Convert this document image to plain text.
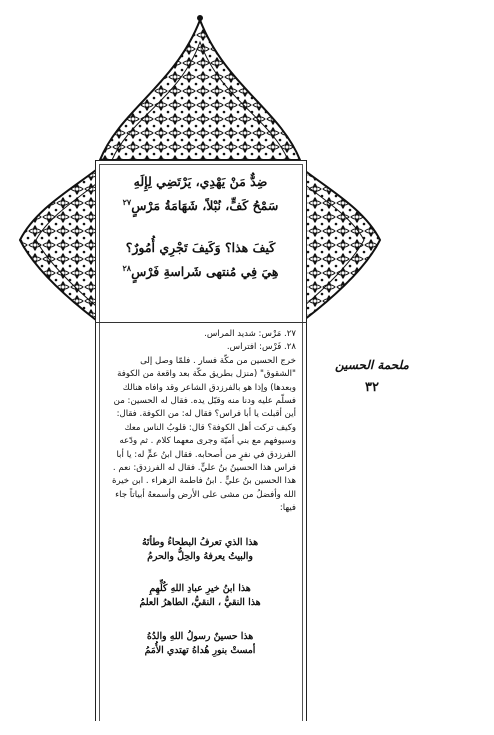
ضِدٌّ مَنْ يَهْدِي، يَرْتَضِي لِإِلَهِ
سَمْحُ كَفٍّ، نُبْلاً، شَهَامَةُ مَرْسٍ$^{٢٧}$
كَيفَ هذا؟ وَكَيفَ تَجْرِي أُمُورٌ؟
هِيَ فِي مُنتهى شَراسةِ فَرْسٍ$^{٢٨}$

٢٧. مَرْس: شديد المراس.

٢٨. فَرْس: افتراس.

خرج الحسين من مكّة فسار . فلمّا وصل إلى "الشقوق" (منزل بطريق مكّة بعد واقعة من الكوفة وبعدها) وإذا هو بالفرزدق الشاعر وقد وافاه هنالك فسلّم عليه ودنا منه وقبّل يده. فقال له الحسين: من أين أقبلت يا أبا فراس؟ فقال له: من الكوفة. فقال: وكيف تركت أهل الكوفة؟ قال: قلوبُ الناس معك وسيوفهم مع بني أميّة وجرى معهما كلام . ثم ودّعه الفرزدق في نفرٍ من أصحابه. فقال ابنُ عمٍّ له: يا أبا فراس هذا الحسينُ بنُ عليٍّ. فقال له الفرزدق: نعم . هذا الحسين بنُ عليٍّ . ابنُ فاطمة الزهراء . ابن خيرة الله وأفضلُ من مشى على الأرض وأسمعهُ أبياتاً جاء فيها:

هذا الذي تعرفُ البطحاءُ وطأتَهُ
والبيتُ يعرفهُ والحِلُّ والحرمُ
هذا ابنُ خيرِ عبادِ اللهِ كُلِّهِمِ
هذا النقيُّ ، النقيُّ، الطاهرُ العلمُ
هذا حسينٌ رسولُ اللهِ والدُهُ
أمستْ بنورِ هُداهُ تهتدي الأُمَمُ
ملحمة الحسين
٣٢
